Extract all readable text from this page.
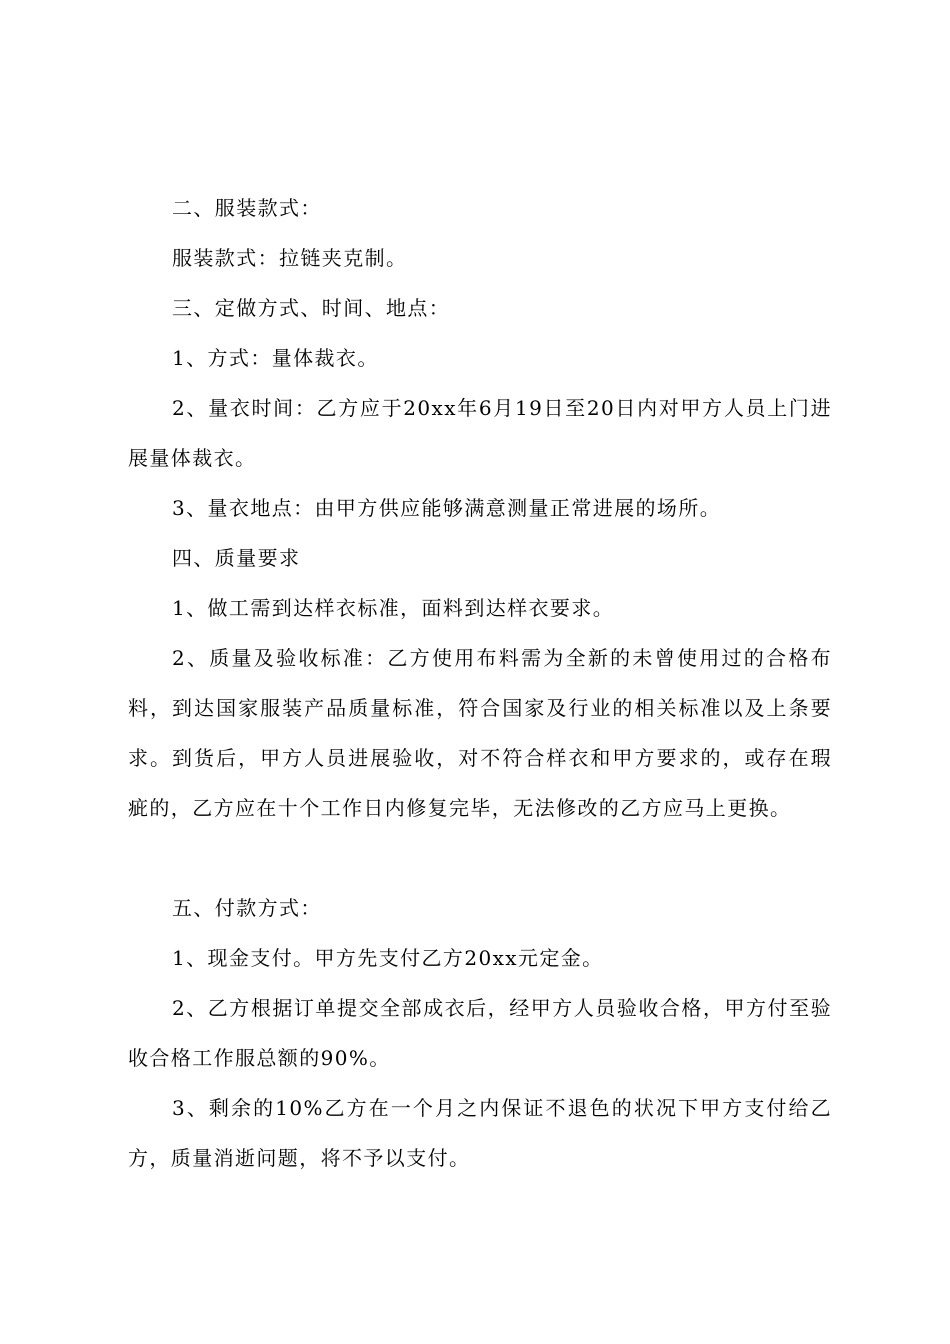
二、服装款式：

服装款式：拉链夹克制。

三、定做方式、时间、地点：

1、方式：量体裁衣。

2、量衣时间：乙方应于20xx年6月19日至20日内对甲方人员上门进展量体裁衣。

3、量衣地点：由甲方供应能够满意测量正常进展的场所。

四、质量要求

1、做工需到达样衣标准，面料到达样衣要求。

2、质量及验收标准：乙方使用布料需为全新的未曾使用过的合格布料，到达国家服装产品质量标准，符合国家及行业的相关标准以及上条要求。到货后，甲方人员进展验收，对不符合样衣和甲方要求的，或存在瑕疵的，乙方应在十个工作日内修复完毕，无法修改的乙方应马上更换。

五、付款方式：

1、现金支付。甲方先支付乙方20xx元定金。

2、乙方根据订单提交全部成衣后，经甲方人员验收合格，甲方付至验收合格工作服总额的90%。

3、剩余的10%乙方在一个月之内保证不退色的状况下甲方支付给乙方，质量消逝问题，将不予以支付。
